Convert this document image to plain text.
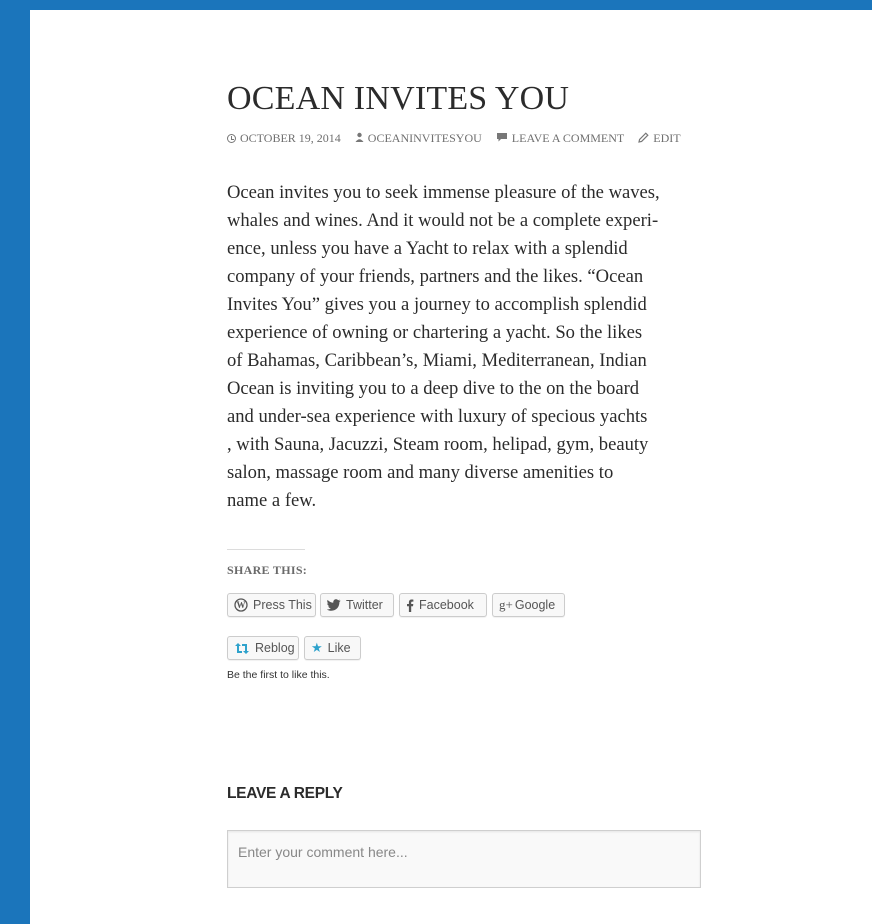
OCEAN INVITES YOU
OCTOBER 19, 2014 OCEANINVITESYOU	LEAVE A COMMENT EDIT
Ocean invites you to seek immense pleasure of the waves,
whales and wines. And it would not be a complete experi-
ence, unless you have a Yacht to relax with a splendid
company of your friends, partners and the likes. “Ocean
Invites You” gives you a journey to accomplish splendid
experience of owning or chartering a yacht. So the likes
of Bahamas, Caribbean’s, Miami, Mediterranean, Indian
Ocean is inviting you to a deep dive to the on the board
and under-sea experience with luxury of specious yachts
, with Sauna, Jacuzzi, Steam room, helipad, gym, beauty
salon, massage room and many diverse amenities to
name a few.
SHARE THIS:
W Press This	Twitter	Facebook g+ Google
Reblog ★ Like

Be the first to like this.

LEAVE A REPLY
Enter your comment here...
